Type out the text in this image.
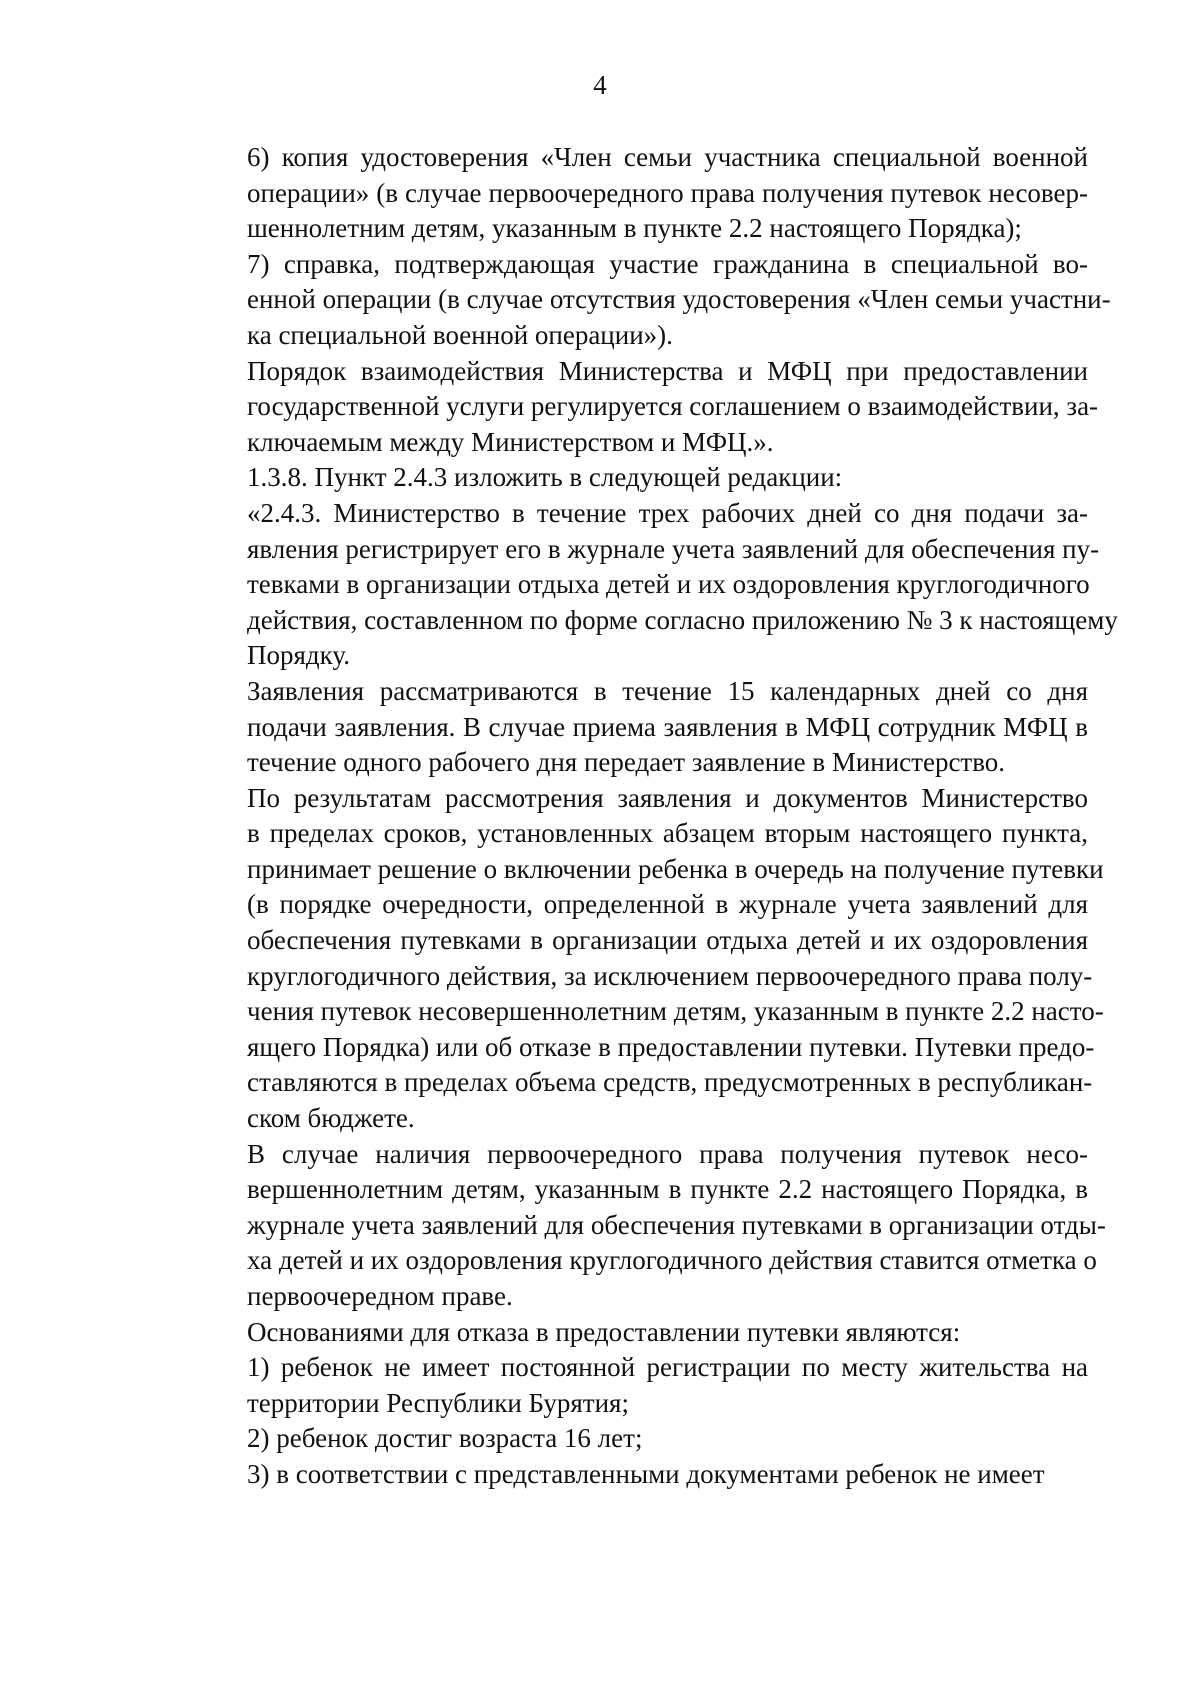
4

6) копия удостоверения «Член семьи участника специальной военной
операции» (в случае первоочередного права получения путевок несовер-
шеннолетним детям, указанным в пункте 2.2 настоящего Порядка);

7) справка, подтверждающая участие гражданина в специальной во-
енной операции (в случае отсутствия удостоверения «Член семьи участни-
ка специальной военной операции»).

Порядок взаимодействия Министерства и МФЦ при предоставлении
государственной услуги регулируется соглашением о взаимодействии, за-
ключаемым между Министерством и МФЦ.».

1.3.8. Пункт 2.4.3 изложить в следующей редакции:

«2.4.3. Министерство в течение трех рабочих дней со дня подачи за-
явления регистрирует его в журнале учета заявлений для обеспечения пу-
тевками в организации отдыха детей и их оздоровления круглогодичного
действия, составленном по форме согласно приложению № 3 к настоящему
Порядку.

Заявления рассматриваются в течение 15 календарных дней со дня
подачи заявления. В случае приема заявления в МФЦ сотрудник МФЦ в
течение одного рабочего дня передает заявление в Министерство.

По результатам рассмотрения заявления и документов Министерство
в пределах сроков, установленных абзацем вторым настоящего пункта,
принимает решение о включении ребенка в очередь на получение путевки
(в порядке очередности, определенной в журнале учета заявлений для
обеспечения путевками в организации отдыха детей и их оздоровления
круглогодичного действия, за исключением первоочередного права полу-
чения путевок несовершеннолетним детям, указанным в пункте 2.2 насто-
ящего Порядка) или об отказе в предоставлении путевки. Путевки предо-
ставляются в пределах объема средств, предусмотренных в республикан-
ском бюджете.

В случае наличия первоочередного права получения путевок несо-
вершеннолетним детям, указанным в пункте 2.2 настоящего Порядка, в
журнале учета заявлений для обеспечения путевками в организации отды-
ха детей и их оздоровления круглогодичного действия ставится отметка о
первоочередном праве.

Основаниями для отказа в предоставлении путевки являются:

1) ребенок не имеет постоянной регистрации по месту жительства на
территории Республики Бурятия;

2) ребенок достиг возраста 16 лет;

3) в соответствии с представленными документами ребенок не имеет
